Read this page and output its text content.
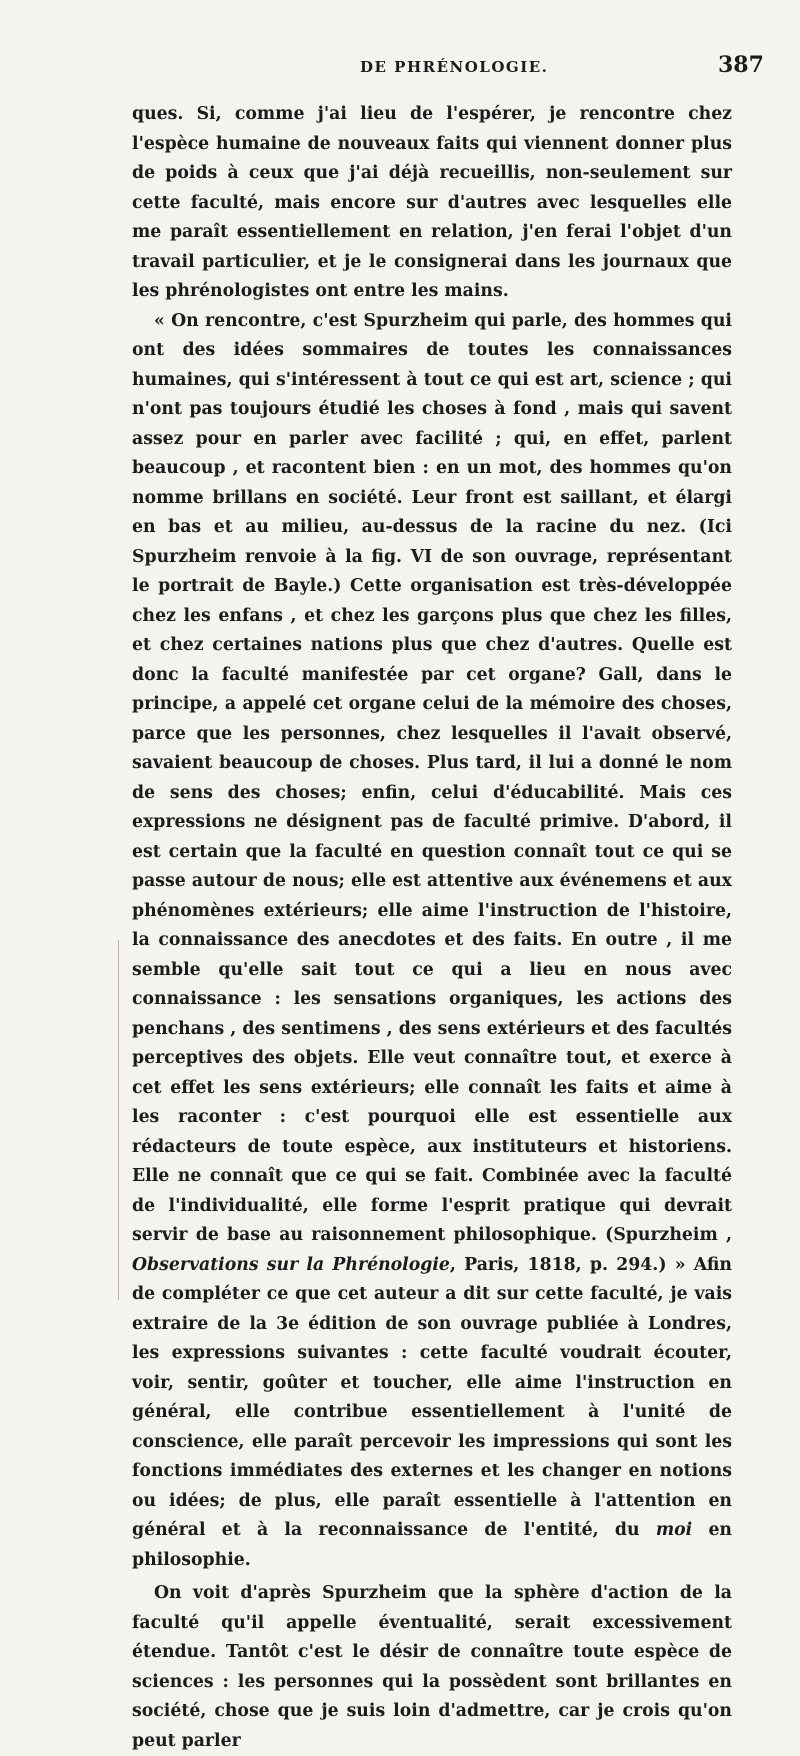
DE PHRÉNOLOGIE.	387

ques. Si, comme j'ai lieu de l'espérer, je rencontre chez l'espèce humaine de nouveaux faits qui viennent donner plus de poids à ceux que j'ai déjà recueillis, non-seulement sur cette faculté, mais encore sur d'autres avec lesquelles elle me paraît essentiellement en relation, j'en ferai l'objet d'un travail particulier, et je le consignerai dans les journaux que les phrénologistes ont entre les mains.

« On rencontre, c'est Spurzheim qui parle, des hommes qui ont des idées sommaires de toutes les connaissances humaines, qui s'intéressent à tout ce qui est art, science ; qui n'ont pas toujours étudié les choses à fond , mais qui savent assez pour en parler avec facilité ; qui, en effet, parlent beaucoup , et racontent bien : en un mot, des hommes qu'on nomme brillans en société. Leur front est saillant, et élargi en bas et au milieu, au-dessus de la racine du nez. (Ici Spurzheim renvoie à la fig. VI de son ouvrage, représentant le portrait de Bayle.) Cette organisation est très-développée chez les enfans , et chez les garçons plus que chez les filles, et chez certaines nations plus que chez d'autres. Quelle est donc la faculté manifestée par cet organe? Gall, dans le principe, a appelé cet organe celui de la mémoire des choses, parce que les personnes, chez lesquelles il l'avait observé, savaient beaucoup de choses. Plus tard, il lui a donné le nom de sens des choses; enfin, celui d'éducabilité. Mais ces expressions ne désignent pas de faculté primive. D'abord, il est certain que la faculté en question connaît tout ce qui se passe autour de nous; elle est attentive aux événemens et aux phénomènes extérieurs; elle aime l'instruction de l'histoire, la connaissance des anecdotes et des faits. En outre , il me semble qu'elle sait tout ce qui a lieu en nous avec connaissance : les sensations organiques, les actions des penchans , des sentimens , des sens extérieurs et des facultés perceptives des objets. Elle veut connaître tout, et exerce à cet effet les sens extérieurs; elle connaît les faits et aime à les raconter : c'est pourquoi elle est essentielle aux rédacteurs de toute espèce, aux instituteurs et historiens. Elle ne connaît que ce qui se fait. Combinée avec la faculté de l'individualité, elle forme l'esprit pratique qui devrait servir de base au raisonnement philosophique. (Spurzheim , Observations sur la Phrénologie, Paris, 1818, p. 294.) » Afin de compléter ce que cet auteur a dit sur cette faculté, je vais extraire de la 3e édition de son ouvrage publiée à Londres, les expressions suivantes : cette faculté voudrait écouter, voir, sentir, goûter et toucher, elle aime l'instruction en général, elle contribue essentiellement à l'unité de conscience, elle paraît percevoir les impressions qui sont les fonctions immédiates des externes et les changer en notions ou idées; de plus, elle paraît essentielle à l'attention en général et à la reconnaissance de l'entité, du moi en philosophie.

On voit d'après Spurzheim que la sphère d'action de la faculté qu'il appelle éventualité, serait excessivement étendue. Tantôt c'est le désir de connaître toute espèce de sciences : les personnes qui la possèdent sont brillantes en société, chose que je suis loin d'admettre, car je crois qu'on peut parler
